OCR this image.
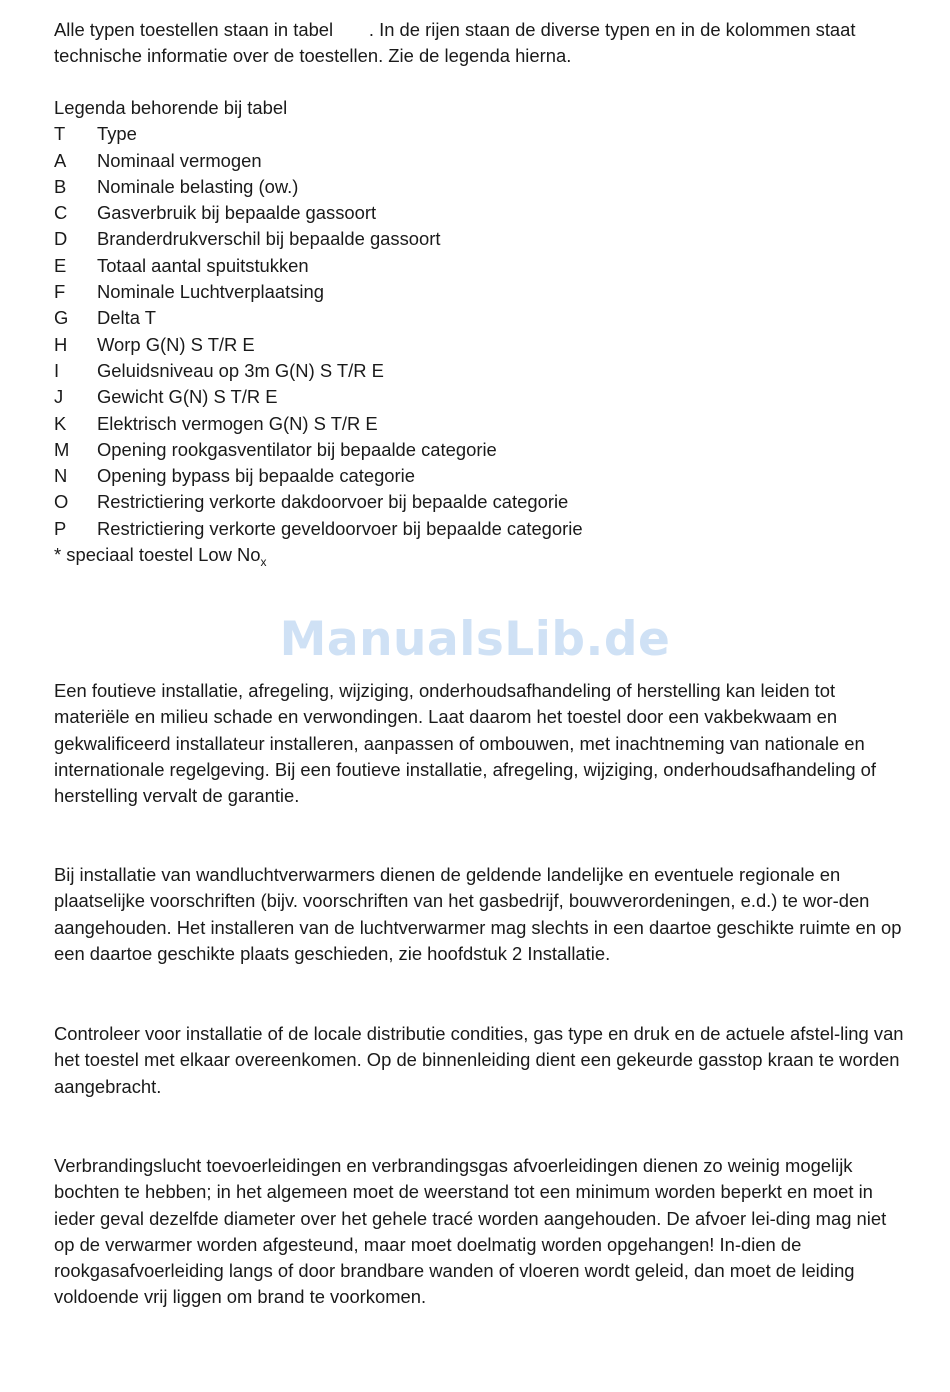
Alle typen toestellen staan in tabel       . In de rijen staan de diverse typen en in de kolommen staat technische informatie over de toestellen. Zie de legenda hierna.

Legenda behorende bij tabel

T	Type
A	Nominaal vermogen
B	Nominale belasting (ow.)
C	Gasverbruik bij bepaalde gassoort
D	Branderdrukverschil bij bepaalde gassoort
E	Totaal aantal spuitstukken
F	Nominale Luchtverplaatsing
G	Delta T
H	Worp G(N) S T/R E
I	Geluidsniveau op 3m G(N) S T/R E
J	Gewicht G(N) S T/R E
K	Elektrisch vermogen G(N) S T/R E
M	Opening rookgasventilator bij bepaalde categorie
N	Opening bypass bij bepaalde categorie
O	Restrictiering verkorte dakdoorvoer bij bepaalde categorie
P	Restrictiering verkorte geveldoorvoer bij bepaalde categorie

* speciaal toestel Low $No_x$

ManualsLib.de

Een foutieve installatie, afregeling, wijziging, onderhoudsafhandeling of herstelling kan leiden tot materiële en milieu schade en verwondingen. Laat daarom het toestel door een vakbekwaam en gekwalificeerd installateur installeren, aanpassen of ombouwen, met inachtneming van nationale en internationale regelgeving. Bij een foutieve installatie, afregeling, wijziging, onderhoudsafhandeling of herstelling vervalt de garantie.

Bij installatie van wandluchtverwarmers dienen de geldende landelijke en eventuele regionale en plaatselijke voorschriften (bijv. voorschriften van het gasbedrijf, bouwverordeningen, e.d.) te wor-den aangehouden. Het installeren van de luchtverwarmer mag slechts in een daartoe geschikte ruimte en op een daartoe geschikte plaats geschieden, zie hoofdstuk 2 Installatie.

Controleer voor installatie of de locale distributie condities, gas type en druk en de actuele afstel-ling van het toestel met elkaar overeenkomen. Op de binnenleiding dient een gekeurde gasstop kraan te worden aangebracht.

Verbrandingslucht toevoerleidingen en verbrandingsgas afvoerleidingen dienen zo weinig mogelijk bochten te hebben; in het algemeen moet de weerstand tot een minimum worden beperkt en moet in ieder geval dezelfde diameter over het gehele tracé worden aangehouden. De afvoer lei-ding mag niet op de verwarmer worden afgesteund, maar moet doelmatig worden opgehangen! In-dien de rookgasafvoerleiding langs of door brandbare wanden of vloeren wordt geleid, dan moet de leiding voldoende vrij liggen om brand te voorkomen.
